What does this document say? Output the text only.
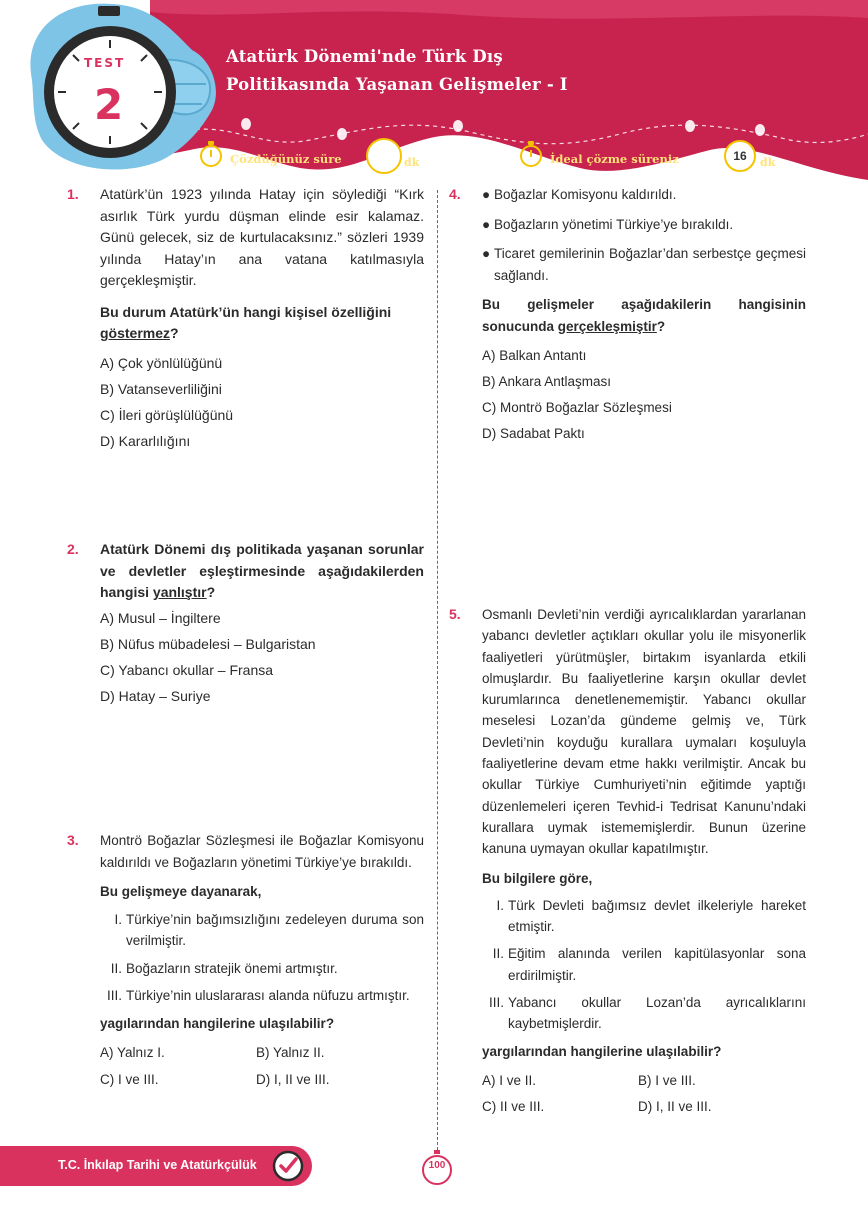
TEST
2
Atatürk Dönemi'nde Türk Dış
Politikasında Yaşanan Gelişmeler - I
Çözdüğünüz süre	dk	İdeal çözme süreniz	16	dk
1. Atatürk’ün 1923 yılında Hatay için söylediği “Kırk asırlık Türk yurdu düşman elinde esir kalamaz. Günü gelecek, siz de kurtulacaksınız.” sözleri 1939 yılında Hatay’ın ana vatana katılmasıyla gerçekleşmiştir.
Bu durum Atatürk’ün hangi kişisel özelliğini göstermez?
A) Çok yönlülüğünü
B) Vatanseverliliğini
C) İleri görüşlülüğünü
D) Kararlılığını
2. Atatürk Dönemi dış politikada yaşanan sorunlar ve devletler eşleştirmesinde aşağıdakilerden hangisi yanlıştır?
A) Musul – İngiltere
B) Nüfus mübadelesi – Bulgaristan
C) Yabancı okullar – Fransa
D) Hatay – Suriye
3. Montrö Boğazlar Sözleşmesi ile Boğazlar Komisyonu kaldırıldı ve Boğazların yönetimi Türkiye’ye bırakıldı.
Bu gelişmeye dayanarak,
I. Türkiye’nin bağımsızlığını zedeleyen duruma son verilmiştir.
II. Boğazların stratejik önemi artmıştır.
III. Türkiye’nin uluslararası alanda nüfuzu artmıştır.
yagılarından hangilerine ulaşılabilir?
A) Yalnız I.	B) Yalnız II.
C) I ve III.	D) I, II ve III.
4. ● Boğazlar Komisyonu kaldırıldı.
● Boğazların yönetimi Türkiye’ye bırakıldı.
● Ticaret gemilerinin Boğazlar’dan serbestçe geçmesi sağlandı.
Bu gelişmeler aşağıdakilerin hangisinin sonucunda gerçekleşmiştir?
A) Balkan Antantı
B) Ankara Antlaşması
C) Montrö Boğazlar Sözleşmesi
D) Sadabat Paktı
5. Osmanlı Devleti’nin verdiği ayrıcalıklardan yararlanan yabancı devletler açtıkları okullar yolu ile misyonerlik faaliyetleri yürütmüşler, birtakım isyanlarda etkili olmuşlardır. Bu faaliyetlerine karşın okullar devlet kurumlarınca denetlenememiştir. Yabancı okullar meselesi Lozan’da gündeme gelmiş ve, Türk Devleti’nin koyduğu kurallara uymaları koşuluyla faaliyetlerine devam etme hakkı verilmiştir. Ancak bu okullar Türkiye Cumhuriyeti’nin eğitimde yaptığı düzenlemeleri içeren Tevhid-i Tedrisat Kanunu’ndaki kurallara uymak istememişlerdir. Bunun üzerine kanuna uymayan okullar kapatılmıştır.
Bu bilgilere göre,
I. Türk Devleti bağımsız devlet ilkeleriyle hareket etmiştir.
II. Eğitim alanında verilen kapitülasyonlar sona erdirilmiştir.
III. Yabancı okullar Lozan’da ayrıcalıklarını kaybetmişlerdir.
yargılarından hangilerine ulaşılabilir?
A) I ve II.	B) I ve III.
C) II ve III.	D) I, II ve III.
T.C. İnkılap Tarihi ve Atatürkçülük	100
